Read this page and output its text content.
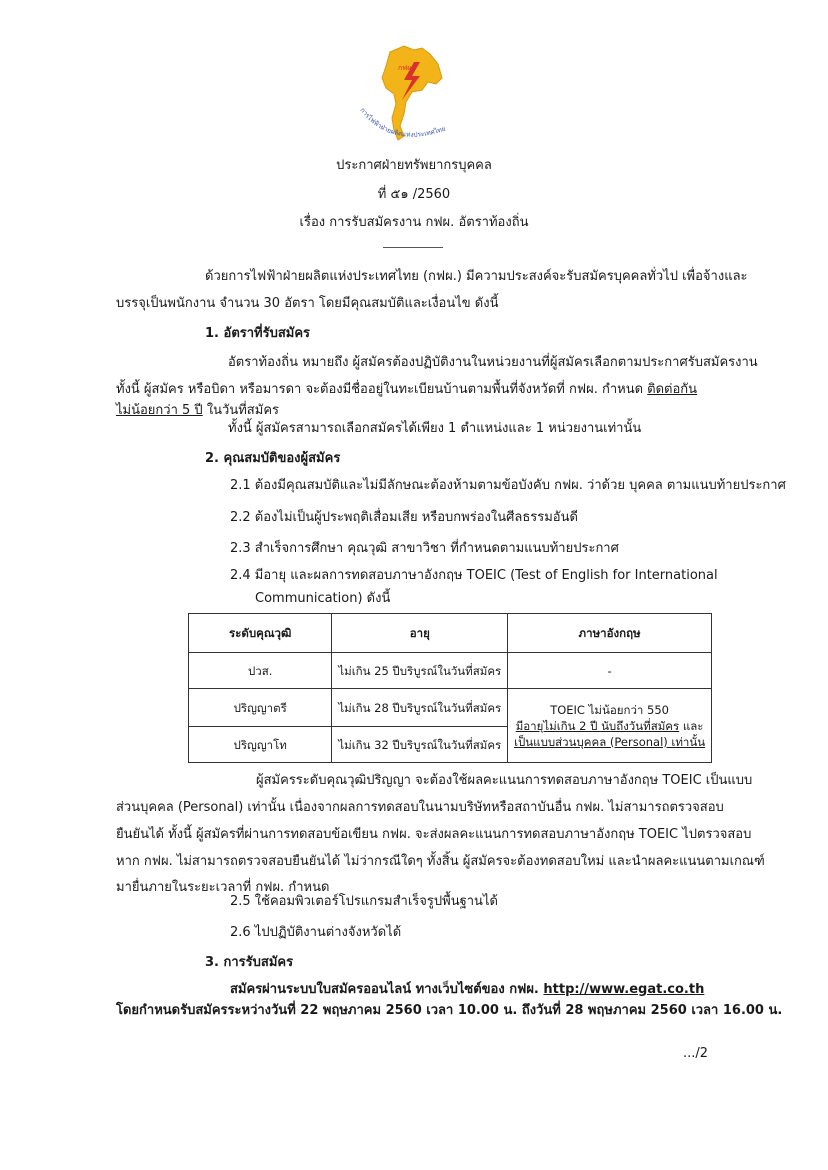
กฟผ
การไฟฟ้าฝ่ายผลิตแห่งประเทศไทย
ประกาศฝ่ายทรัพยากรบุคคล
ที่ ๕๑ /2560
เรื่อง การรับสมัครงาน กฟผ. อัตราท้องถิ่น
ด้วยการไฟฟ้าฝ่ายผลิตแห่งประเทศไทย (กฟผ.) มีความประสงค์จะรับสมัครบุคคลทั่วไป เพื่อจ้างและ
บรรจุเป็นพนักงาน จำนวน 30 อัตรา โดยมีคุณสมบัติและเงื่อนไข ดังนี้
1. อัตราที่รับสมัคร
อัตราท้องถิ่น หมายถึง ผู้สมัครต้องปฏิบัติงานในหน่วยงานที่ผู้สมัครเลือกตามประกาศรับสมัครงาน
ทั้งนี้ ผู้สมัคร หรือบิดา หรือมารดา จะต้องมีชื่ออยู่ในทะเบียนบ้านตามพื้นที่จังหวัดที่ กฟผ. กำหนด ติดต่อกัน
ไม่น้อยกว่า 5 ปี ในวันที่สมัคร
ทั้งนี้ ผู้สมัครสามารถเลือกสมัครได้เพียง 1 ตำแหน่งและ 1 หน่วยงานเท่านั้น
2. คุณสมบัติของผู้สมัคร
2.1 ต้องมีคุณสมบัติและไม่มีลักษณะต้องห้ามตามข้อบังคับ กฟผ. ว่าด้วย บุคคล ตามแนบท้ายประกาศ
2.2 ต้องไม่เป็นผู้ประพฤติเสื่อมเสีย หรือบกพร่องในศีลธรรมอันดี
2.3 สำเร็จการศึกษา คุณวุฒิ สาขาวิชา ที่กำหนดตามแนบท้ายประกาศ
2.4 มีอายุ และผลการทดสอบภาษาอังกฤษ TOEIC (Test of English for International
Communication) ดังนี้
ระดับคุณวุฒิ	อายุ	ภาษาอังกฤษ
ปวส.	ไม่เกิน 25 ปีบริบูรณ์ในวันที่สมัคร	-
ปริญญาตรี	ไม่เกิน 28 ปีบริบูรณ์ในวันที่สมัคร	TOEIC ไม่น้อยกว่า 550
มีอายุไม่เกิน 2 ปี นับถึงวันที่สมัคร และ
เป็นแบบส่วนบุคคล (Personal) เท่านั้น

ปริญญาโท	ไม่เกิน 32 ปีบริบูรณ์ในวันที่สมัคร	
ผู้สมัครระดับคุณวุฒิปริญญา จะต้องใช้ผลคะแนนการทดสอบภาษาอังกฤษ TOEIC เป็นแบบ
ส่วนบุคคล (Personal) เท่านั้น เนื่องจากผลการทดสอบในนามบริษัทหรือสถาบันอื่น กฟผ. ไม่สามารถตรวจสอบ
ยืนยันได้ ทั้งนี้ ผู้สมัครที่ผ่านการทดสอบข้อเขียน กฟผ. จะส่งผลคะแนนการทดสอบภาษาอังกฤษ TOEIC ไปตรวจสอบ
หาก กฟผ. ไม่สามารถตรวจสอบยืนยันได้ ไม่ว่ากรณีใดๆ ทั้งสิ้น ผู้สมัครจะต้องทดสอบใหม่ และนำผลคะแนนตามเกณฑ์
มายื่นภายในระยะเวลาที่ กฟผ. กำหนด
2.5 ใช้คอมพิวเตอร์โปรแกรมสำเร็จรูปพื้นฐานได้
2.6 ไปปฏิบัติงานต่างจังหวัดได้
3. การรับสมัคร
สมัครผ่านระบบใบสมัครออนไลน์ ทางเว็บไซต์ของ กฟผ. http://www.egat.co.th
โดยกำหนดรับสมัครระหว่างวันที่ 22 พฤษภาคม 2560 เวลา 10.00 น. ถึงวันที่ 28 พฤษภาคม 2560 เวลา 16.00 น.
.../2
